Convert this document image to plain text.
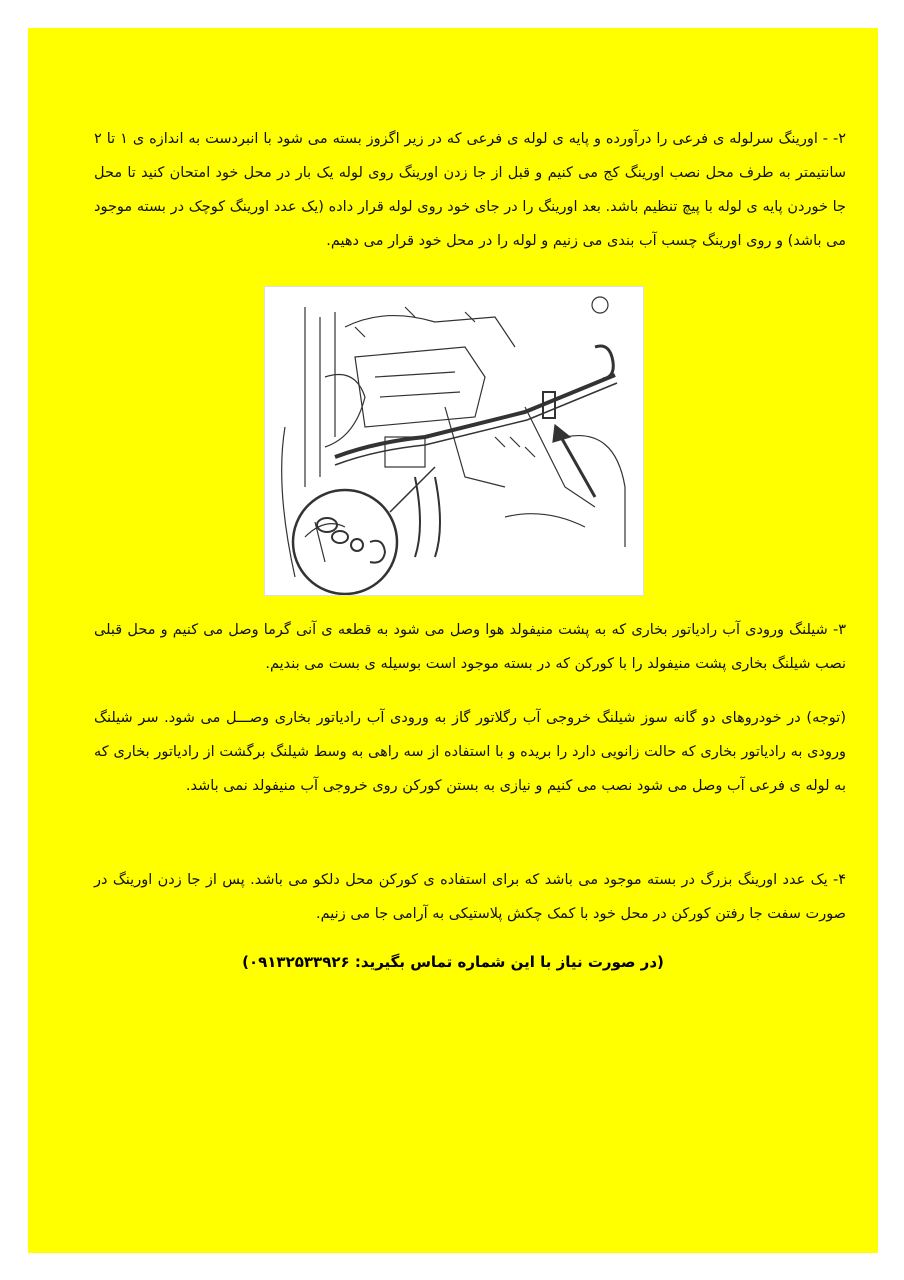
۲- - اورینگ سرلوله ی فرعی را درآورده و پایه ی لوله ی فرعی که در زیر اگزوز بسته می شود با انبردست به اندازه ی ۱ تا ۲ سانتیمتر به طرف محل نصب اورینگ کج می کنیم و قبل از جا زدن اورینگ روی لوله یک بار در محل خود امتحان کنید تا محل جا خوردن پایه ی لوله با پیچ تنظیم باشد. بعد اورینگ را در جای خود روی لوله قرار داده (یک عدد اورینگ کوچک در بسته موجود می باشد) و روی اورینگ چسب آب بندی می زنیم و لوله را در محل خود قرار می دهیم.

۳- شیلنگ ورودی آب رادیاتور بخاری که به پشت منیفولد هوا وصل می شود به قطعه ی آنی گرما وصل می کنیم و محل قبلی نصب شیلنگ بخاری پشت منیفولد را با کورکن که در بسته موجود است بوسیله ی بست می بندیم.

(توجه) در خودروهای دو گانه سوز شیلنگ خروجی آب رگلاتور گاز به ورودی آب رادیاتور بخاری وصـــل می شود. سر شیلنگ ورودی به رادیاتور بخاری که حالت زانویی دارد را بریده و با استفاده از سه راهی به وسط شیلنگ برگشت از رادیاتور بخاری که به لوله ی فرعی آب وصل می شود نصب می کنیم و نیازی به بستن کورکن روی خروجی آب منیفولد نمی باشد.

۴- یک عدد اورینگ بزرگ در بسته موجود می باشد که برای استفاده ی کورکن محل دلکو می باشد. پس از جا زدن اورینگ در صورت سفت جا رفتن کورکن در محل خود با کمک چکش پلاستیکی به آرامی جا می زنیم.

(در صورت نیاز با این شماره تماس بگیرید: ۰۹۱۳۲۵۳۳۹۲۶)
